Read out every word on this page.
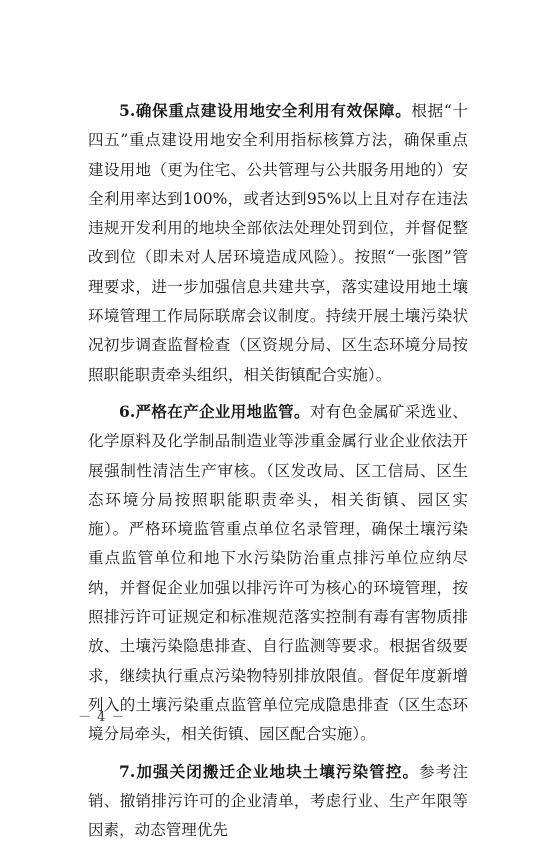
5.确保重点建设用地安全利用有效保障。根据“十四五”重点建设用地安全利用指标核算方法，确保重点建设用地（更为住宅、公共管理与公共服务用地的）安全利用率达到100%，或者达到95%以上且对存在违法违规开发利用的地块全部依法处理处罚到位，并督促整改到位（即未对人居环境造成风险）。按照“一张图”管理要求，进一步加强信息共建共享，落实建设用地土壤环境管理工作局际联席会议制度。持续开展土壤污染状况初步调查监督检查（区资规分局、区生态环境分局按照职能职责牵头组织，相关街镇配合实施）。

6.严格在产企业用地监管。对有色金属矿采选业、化学原料及化学制品制造业等涉重金属行业企业依法开展强制性清洁生产审核。（区发改局、区工信局、区生态环境分局按照职能职责牵头，相关街镇、园区实施）。严格环境监管重点单位名录管理，确保土壤污染重点监管单位和地下水污染防治重点排污单位应纳尽纳，并督促企业加强以排污许可为核心的环境管理，按照排污许可证规定和标准规范落实控制有毒有害物质排放、土壤污染隐患排查、自行监测等要求。根据省级要求，继续执行重点污染物特别排放限值。督促年度新增列入的土壤污染重点监管单位完成隐患排查（区生态环境分局牵头，相关街镇、园区配合实施）。

7.加强关闭搬迁企业地块土壤污染管控。参考注销、撤销排污许可的企业清单，考虑行业、生产年限等因素，动态管理优先

－ 4 －
